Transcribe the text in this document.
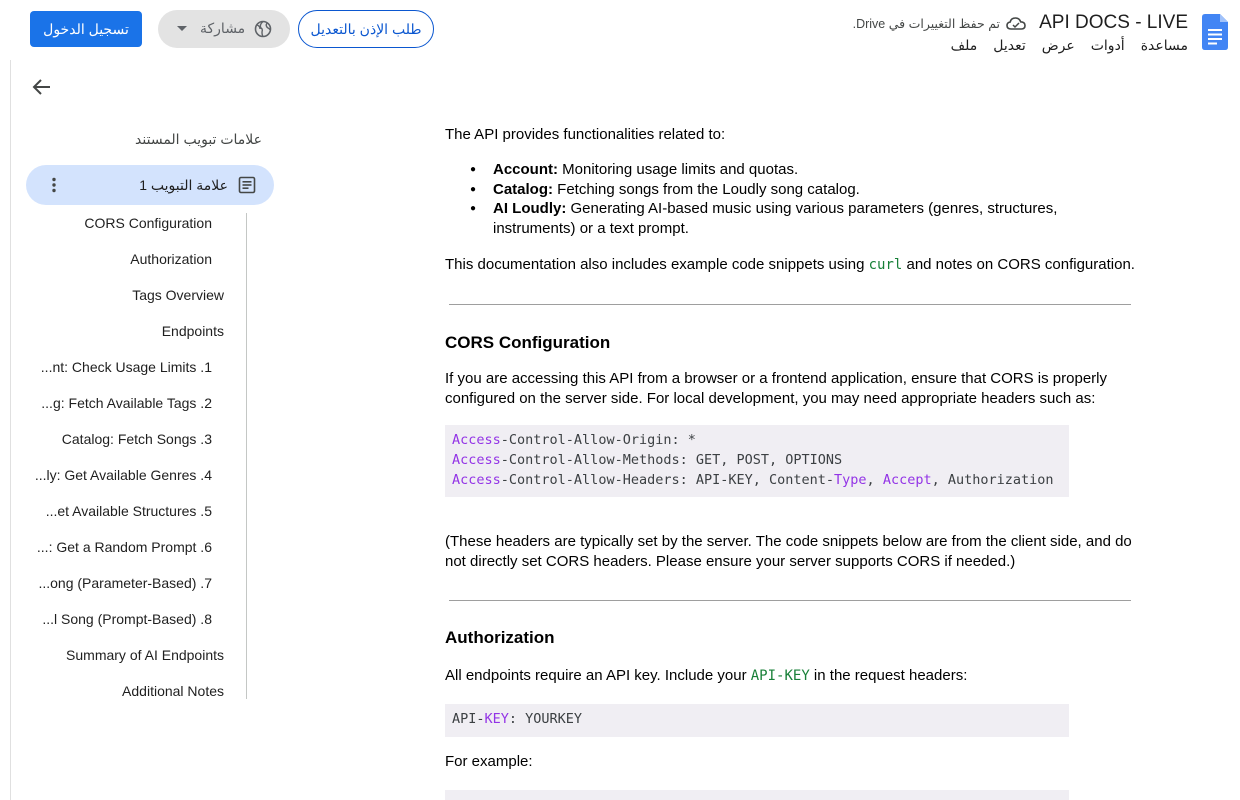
API DOCS - LIVE
تم حفظ التغييرات في Drive.
ملف تعديل عرض أدوات مساعدة
طلب الإذن بالتعديل
مشاركة
تسجيل الدخول
علامات تبويب المستند
علامة التبويب 1
CORS Configuration
Authorization
Tags Overview
Endpoints
1. nt: Check Usage Limits...
2. g: Fetch Available Tags...
3. Catalog: Fetch Songs
4. ly: Get Available Genres...
5. et Available Structures...
6. Get a Random Prompt :...
7. ong (Parameter-Based)...
8. l Song (Prompt-Based)...
Summary of AI Endpoints
Additional Notes

The API provides functionalities related to:

● Account: Monitoring usage limits and quotas.
● Catalog: Fetching songs from the Loudly song catalog.
● AI Loudly: Generating AI-based music using various parameters (genres, structures, instruments) or a text prompt.

This documentation also includes example code snippets using curl and notes on CORS configuration.

CORS Configuration

If you are accessing this API from a browser or a frontend application, ensure that CORS is properly configured on the server side. For local development, you may need appropriate headers such as:

Access-Control-Allow-Origin: *
Access-Control-Allow-Methods: GET, POST, OPTIONS
Access-Control-Allow-Headers: API-KEY, Content-Type, Accept, Authorization

(These headers are typically set by the server. The code snippets below are from the client side, and do not directly set CORS headers. Please ensure your server supports CORS if needed.)

Authorization

All endpoints require an API key. Include your API-KEY in the request headers:

API-KEY: YOURKEY

For example:
